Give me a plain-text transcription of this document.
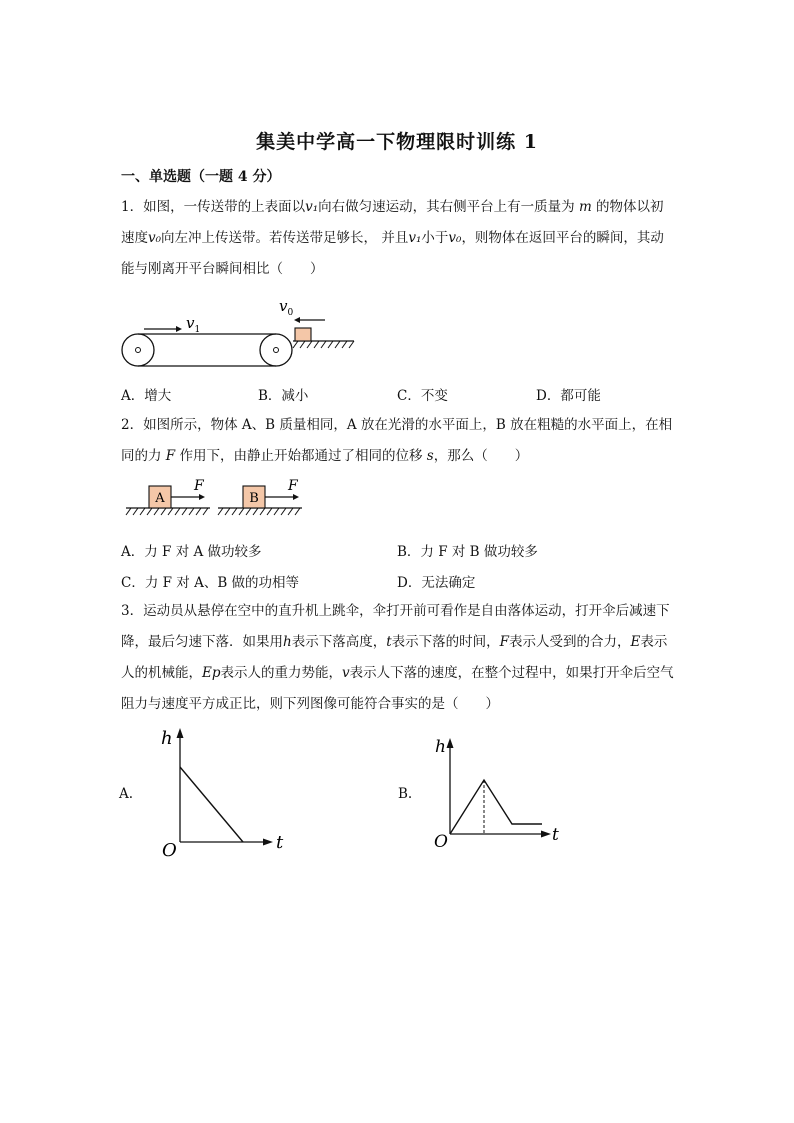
集美中学高一下物理限时训练 1
一、单选题（一题 4 分）
1．如图，一传送带的上表面以v₁向右做匀速运动，其右侧平台上有一质量为 m 的物体以初速度v₀向左冲上传送带。若传送带足够长， 并且v₁小于v₀，则物体在返回平台的瞬间，其动能与刚离开平台瞬间相比（　　）
$v_1$
$v_0$
A．增大	B．减小	C．不变	D．都可能
2．如图所示，物体 A、B 质量相同，A 放在光滑的水平面上，B 放在粗糙的水平面上，在相同的力 F 作用下，由静止开始都通过了相同的位移 s，那么（　　）
A
F
B
F
A．力 F 对 A 做功较多	B．力 F 对 B 做功较多
C．力 F 对 A、B 做的功相等	D．无法确定
3．运动员从悬停在空中的直升机上跳伞，伞打开前可看作是自由落体运动，打开伞后减速下降，最后匀速下落．如果用h表示下落高度，t表示下落的时间，F表示人受到的合力，E表示人的机械能，Ep表示人的重力势能，v表示人下落的速度，在整个过程中，如果打开伞后空气阻力与速度平方成正比，则下列图像可能符合事实的是（　　）
A.
h
t
O
B.
h
t
O
